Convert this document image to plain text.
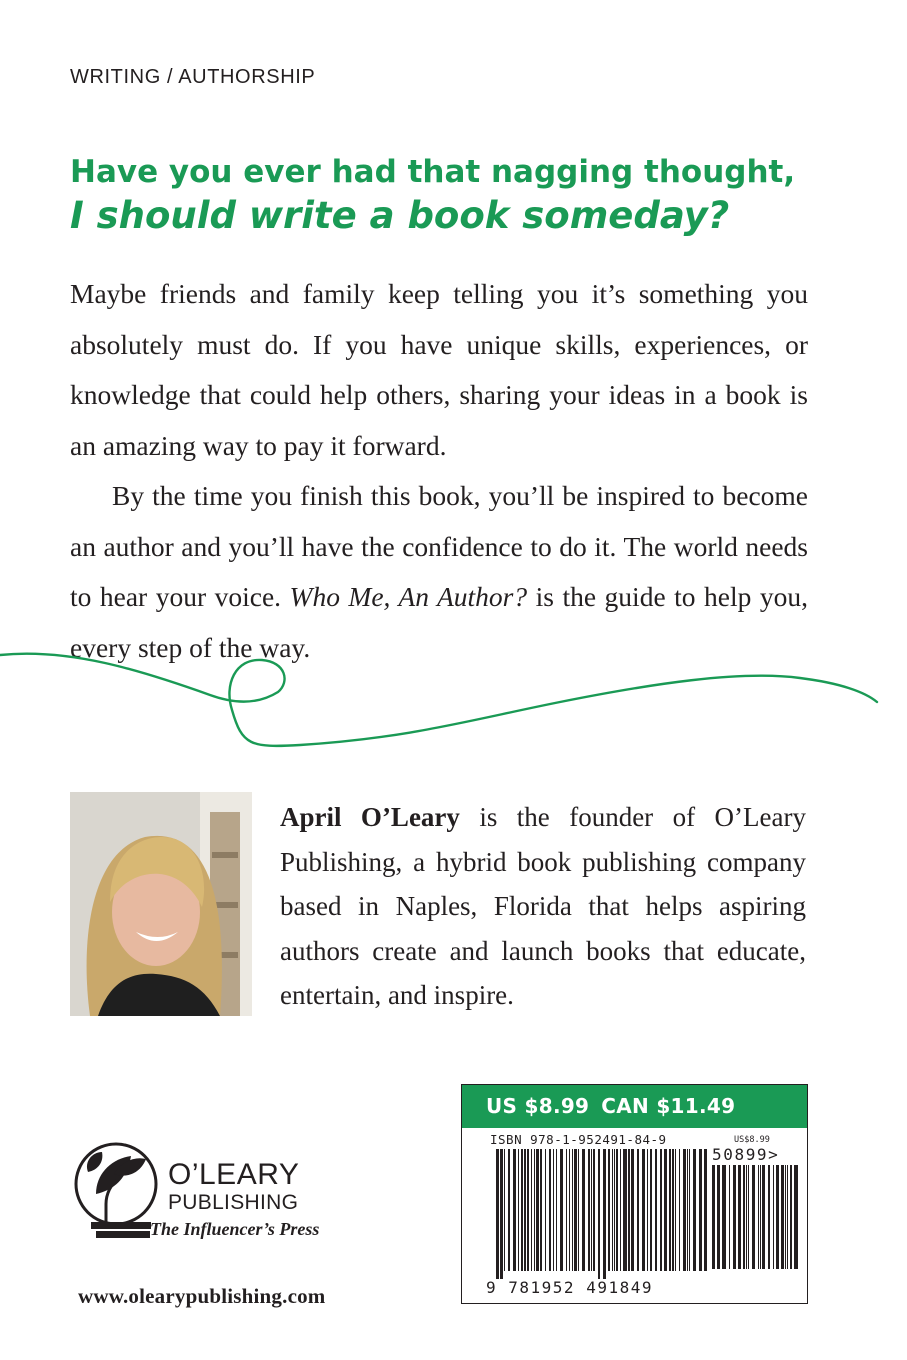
WRITING / AUTHORSHIP
Have you ever had that nagging thought,
I should write a book someday?

Maybe friends and family keep telling you it’s something you absolutely must do. If you have unique skills, experiences, or knowledge that could help others, sharing your ideas in a book is an amazing way to pay it forward.

By the time you finish this book, you’ll be inspired to become an author and you’ll have the confidence to do it. The world needs to hear your voice. Who Me, An Author? is the guide to help you, every step of the way.

April O’Leary is the founder of O’Leary Publishing, a hybrid book publishing company based in Naples, Florida that helps aspiring authors create and launch books that educate, entertain, and inspire.
O’LEARY
PUBLISHING
The Influencer’s Press
www.olearypublishing.com
US $8.99 CAN $11.49
ISBN 978-1-952491-84-9	US$8.99
50899>
9 781952 491849
